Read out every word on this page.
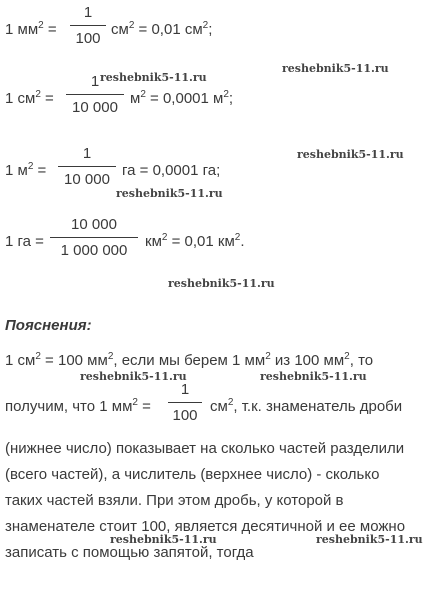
1 $мм^2$ =
1
100
$см^2 = 0,01$ $см^2$;
reshebnik5-11.ru
1 $см^2$ =
1
10 000
reshebnik5-11.ru
$м^2 = 0,0001$ $м^2$;
reshebnik5-11.ru
1 $м^2$ =
1
10 000
га = 0,0001 га;
reshebnik5-11.ru
1 га =
10 000
1 000 000
$км^2 = 0,01$ $км^2$.
reshebnik5-11.ru
Пояснения:
1 $см^2 = 100$ $мм^2$, если мы берем 1 $мм^2$ из 100 $мм^2$, то
reshebnik5-11.ru	reshebnik5-11.ru
получим, что 1 $мм^2$ =
1
100
$см^2$, т.к. знаменатель дроби
(нижнее число) показывает на сколько частей разделили
(всего частей), а числитель (верхнее число) - сколько
таких частей взяли. При этом дробь, у которой в
знаменателе стоит 100, является десятичной и ее можно
reshebnik5-11.ru	reshebnik5-11.ru
записать с помощью запятой, тогда
